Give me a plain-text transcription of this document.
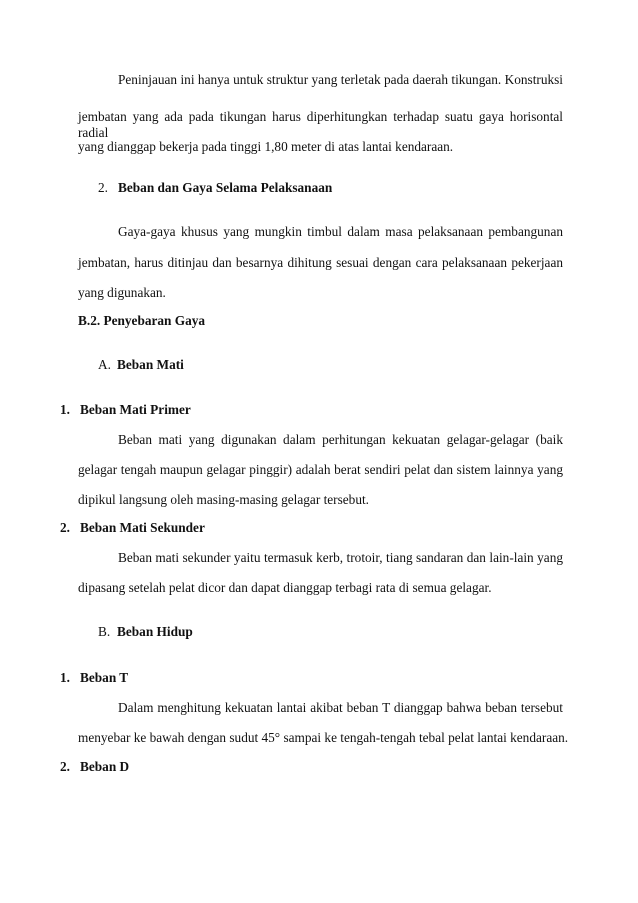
Peninjauan ini hanya untuk struktur yang terletak pada daerah tikungan. Konstruksi

jembatan yang ada pada tikungan harus diperhitungkan terhadap suatu gaya horisontal radial

yang dianggap bekerja pada tinggi 1,80 meter di atas lantai kendaraan.

2. Beban dan Gaya Selama Pelaksanaan

Gaya-gaya khusus yang mungkin timbul dalam masa pelaksanaan pembangunan

jembatan, harus ditinjau dan besarnya dihitung sesuai dengan cara pelaksanaan pekerjaan

yang digunakan.

B.2. Penyebaran Gaya

A. Beban Mati

1. Beban Mati Primer

Beban mati yang digunakan dalam perhitungan kekuatan gelagar-gelagar (baik

gelagar tengah maupun gelagar pinggir) adalah berat sendiri pelat dan sistem lainnya yang

dipikul langsung oleh masing-masing gelagar tersebut.

2. Beban Mati Sekunder

Beban mati sekunder yaitu termasuk kerb, trotoir, tiang sandaran dan lain-lain yang

dipasang setelah pelat dicor dan dapat dianggap terbagi rata di semua gelagar.

B. Beban Hidup

1. Beban T

Dalam menghitung kekuatan lantai akibat beban T dianggap bahwa beban tersebut

menyebar ke bawah dengan sudut 45° sampai ke tengah-tengah tebal pelat lantai kendaraan.

2. Beban D
